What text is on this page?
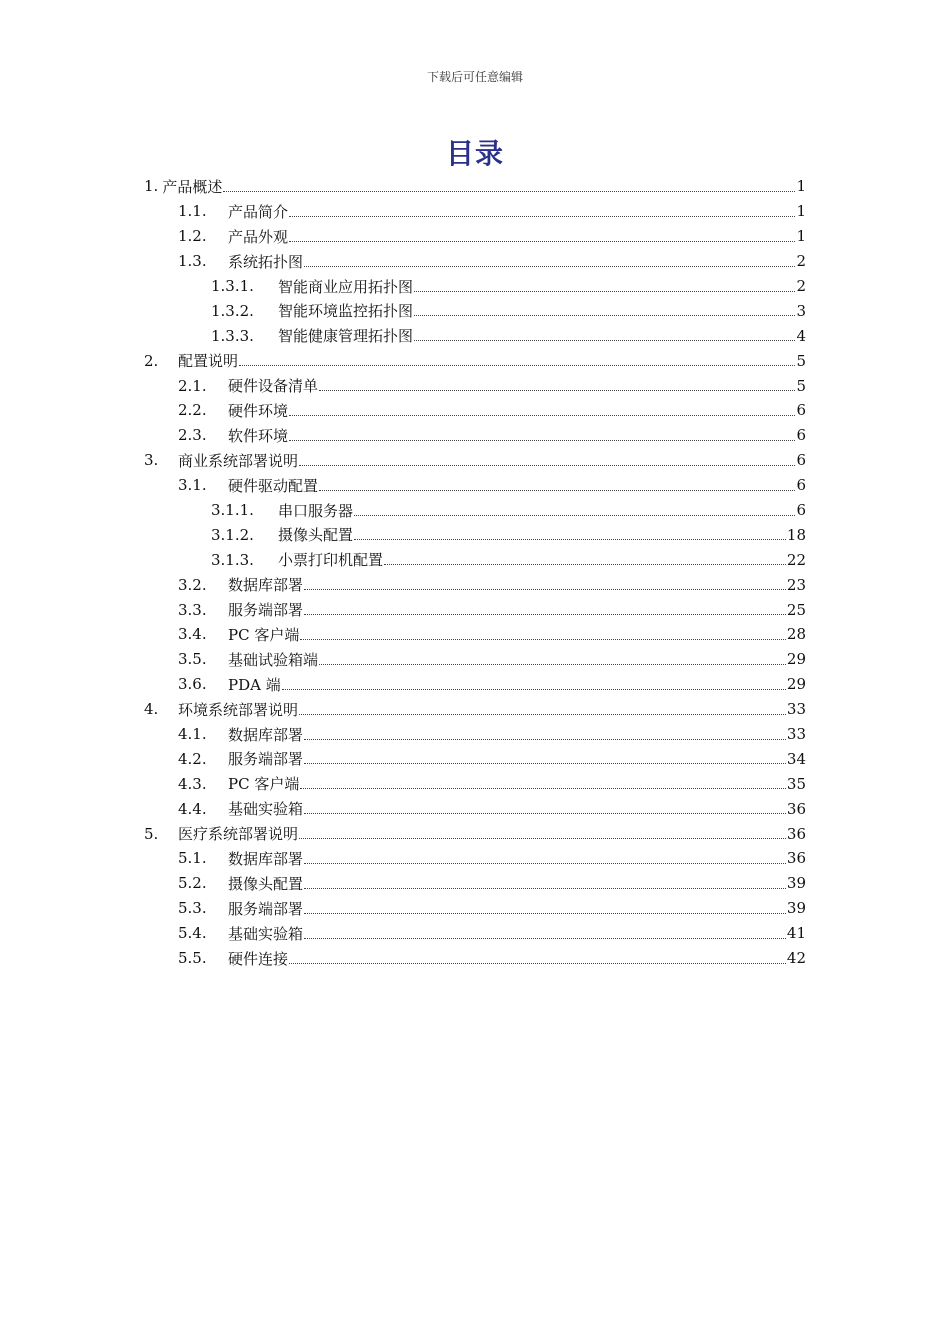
下载后可任意编辑
目录
1. 产品概述	1
1.1.	产品简介	1
1.2.	产品外观	1
1.3.	系统拓扑图	2
1.3.1.	智能商业应用拓扑图	2
1.3.2.	智能环境监控拓扑图	3
1.3.3.	智能健康管理拓扑图	4
2.	配置说明	5
2.1.	硬件设备清单	5
2.2.	硬件环境	6
2.3.	软件环境	6
3.	商业系统部署说明	6
3.1.	硬件驱动配置	6
3.1.1.	串口服务器	6
3.1.2.	摄像头配置	18
3.1.3.	小票打印机配置	22
3.2.	数据库部署	23
3.3.	服务端部署	25
3.4.	PC 客户端	28
3.5.	基础试验箱端	29
3.6.	PDA 端	29
4.	环境系统部署说明	33
4.1.	数据库部署	33
4.2.	服务端部署	34
4.3.	PC 客户端	35
4.4.	基础实验箱	36
5.	医疗系统部署说明	36
5.1.	数据库部署	36
5.2.	摄像头配置	39
5.3.	服务端部署	39
5.4.	基础实验箱	41
5.5.	硬件连接	42
